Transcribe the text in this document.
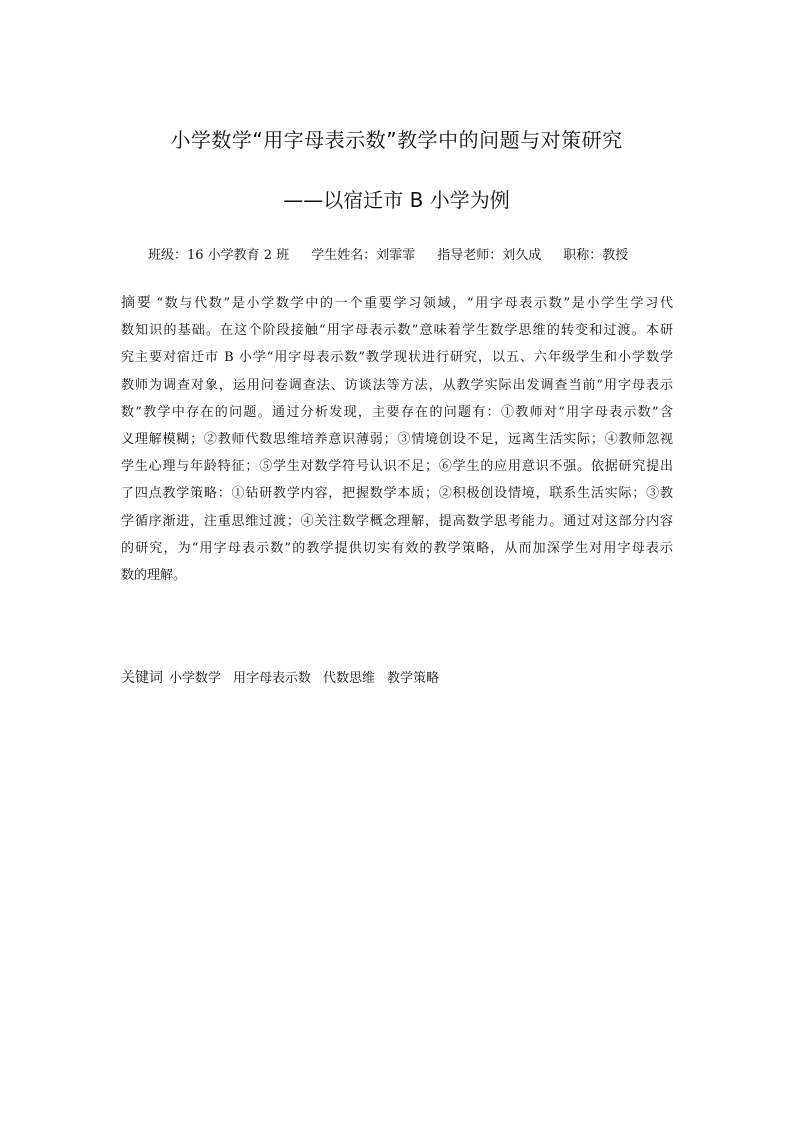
小学数学“用字母表示数”教学中的问题与对策研究
——以宿迁市 B 小学为例
班级：16 小学教育 2 班 学生姓名：刘霏霏 指导老师：刘久成 职称：教授
摘要 “数与代数”是小学数学中的一个重要学习领域，“用字母表示数”是小学生学习代
数知识的基础。在这个阶段接触“用字母表示数”意味着学生数学思维的转变和过渡。本研
究主要对宿迁市 B 小学“用字母表示数”教学现状进行研究，以五、六年级学生和小学数学
教师为调查对象，运用问卷调查法、访谈法等方法，从教学实际出发调查当前“用字母表示
数”教学中存在的问题。通过分析发现，主要存在的问题有：①教师对“用字母表示数”含
义理解模糊；②教师代数思维培养意识薄弱；③情境创设不足，远离生活实际；④教师忽视
学生心理与年龄特征；⑤学生对数学符号认识不足；⑥学生的应用意识不强。依据研究提出
了四点教学策略：①钻研教学内容，把握数学本质；②积极创设情境，联系生活实际；③教
学循序渐进，注重思维过渡；④关注数学概念理解，提高数学思考能力。通过对这部分内容
的研究，为“用字母表示数”的教学提供切实有效的教学策略，从而加深学生对用字母表示
数的理解。
关键词 小学数学 用字母表示数 代数思维 教学策略
